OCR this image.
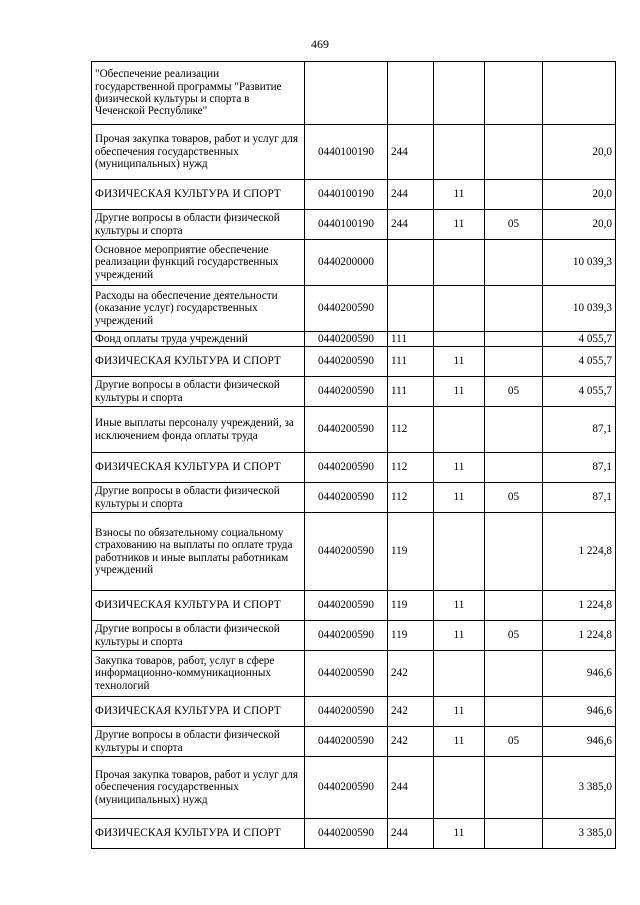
469
"Обеспечение реализации государственной программы "Развитие физической культуры и спорта в Чеченской Республике"					
Прочая закупка товаров, работ и услуг для обеспечения государственных (муниципальных) нужд	0440100190	244			20,0
ФИЗИЧЕСКАЯ КУЛЬТУРА И СПОРТ	0440100190	244	11		20,0
Другие вопросы в области физической культуры и спорта	0440100190	244	11	05	20,0
Основное мероприятие обеспечение реализации функций государственных учреждений	0440200000				10 039,3
Расходы на обеспечение деятельности (оказание услуг) государственных учреждений	0440200590				10 039,3
Фонд оплаты труда учреждений	0440200590	111			4 055,7
ФИЗИЧЕСКАЯ КУЛЬТУРА И СПОРТ	0440200590	111	11		4 055,7
Другие вопросы в области физической культуры и спорта	0440200590	111	11	05	4 055,7
Иные выплаты персоналу учреждений, за исключением фонда оплаты труда	0440200590	112			87,1
ФИЗИЧЕСКАЯ КУЛЬТУРА И СПОРТ	0440200590	112	11		87,1
Другие вопросы в области физической культуры и спорта	0440200590	112	11	05	87,1
Взносы по обязательному социальному страхованию на выплаты по оплате труда работников и иные выплаты работникам учреждений	0440200590	119			1 224,8
ФИЗИЧЕСКАЯ КУЛЬТУРА И СПОРТ	0440200590	119	11		1 224,8
Другие вопросы в области физической культуры и спорта	0440200590	119	11	05	1 224,8
Закупка товаров, работ, услуг в сфере информационно-коммуникационных технологий	0440200590	242			946,6
ФИЗИЧЕСКАЯ КУЛЬТУРА И СПОРТ	0440200590	242	11		946,6
Другие вопросы в области физической культуры и спорта	0440200590	242	11	05	946,6
Прочая закупка товаров, работ и услуг для обеспечения государственных (муниципальных) нужд	0440200590	244			3 385,0
ФИЗИЧЕСКАЯ КУЛЬТУРА И СПОРТ	0440200590	244	11		3 385,0
